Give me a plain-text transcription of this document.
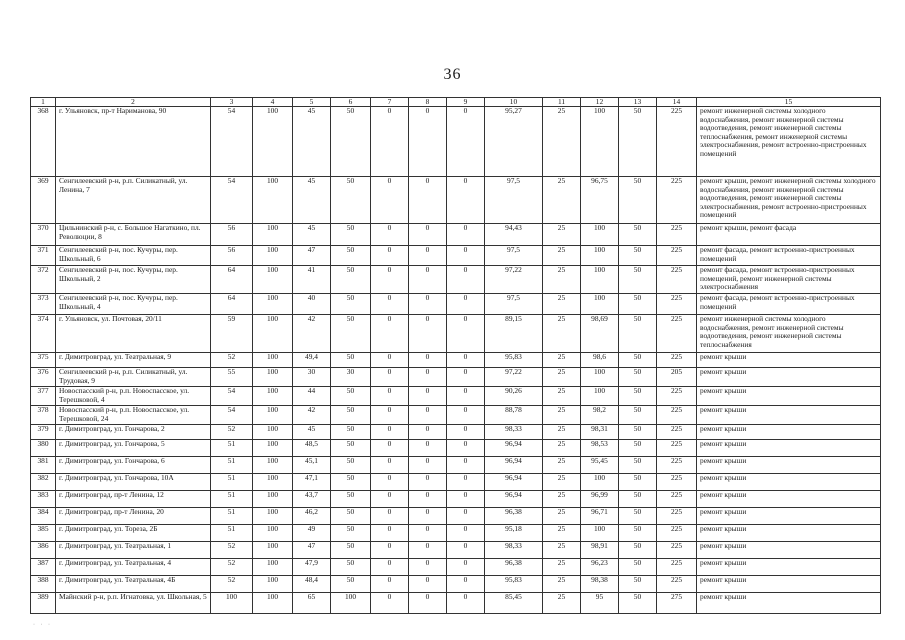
36
1	2	3	4	5	6	7	8	9	10	11	12	13	14	15
368	г. Ульяновск, пр-т Нариманова, 90	54	100	45	50	0	0	0	95,27	25	100	50	225	ремонт инженерной системы холодного водоснабжения, ремонт инженерной системы водоотведения, ремонт инженерной системы теплоснабжения, ремонт инженерной системы электроснабжения, ремонт встроенно-пристроенных помещений
369	Сенгилеевский р-н, р.п. Силикатный, ул. Ленина, 7	54	100	45	50	0	0	0	97,5	25	96,75	50	225	ремонт крыши, ремонт инженерной системы холодного водоснабжения, ремонт инженерной системы водоотведения, ремонт инженерной системы электроснабжения, ремонт встроенно-пристроенных помещений
370	Цильнинский р-н, с. Большое Нагаткино, пл. Революции, 8	56	100	45	50	0	0	0	94,43	25	100	50	225	ремонт крыши, ремонт фасада
371	Сенгилеевский р-н, пос. Кучуры, пер. Школьный, 6	56	100	47	50	0	0	0	97,5	25	100	50	225	ремонт фасада, ремонт встроенно-пристроенных помещений
372	Сенгилеевский р-н, пос. Кучуры, пер. Школьный, 2	64	100	41	50	0	0	0	97,22	25	100	50	225	ремонт фасада, ремонт встроенно-пристроенных помещений, ремонт инженерной системы электроснабжения
373	Сенгилеевский р-н, пос. Кучуры, пер. Школьный, 4	64	100	40	50	0	0	0	97,5	25	100	50	225	ремонт фасада, ремонт встроенно-пристроенных помещений
374	г. Ульяновск, ул. Почтовая, 20/11	59	100	42	50	0	0	0	89,15	25	98,69	50	225	ремонт инженерной системы холодного водоснабжения, ремонт инженерной системы водоотведения, ремонт инженерной системы теплоснабжения
375	г. Димитровград, ул. Театральная, 9	52	100	49,4	50	0	0	0	95,83	25	98,6	50	225	ремонт крыши
376	Сенгилеевский р-н, р.п. Силикатный, ул. Трудовая, 9	55	100	30	30	0	0	0	97,22	25	100	50	205	ремонт крыши
377	Новоспасский р-н, р.п. Новоспасское, ул. Терешковой, 4	54	100	44	50	0	0	0	90,26	25	100	50	225	ремонт крыши
378	Новоспасский р-н, р.п. Новоспасское, ул. Терешковой, 24	54	100	42	50	0	0	0	88,78	25	98,2	50	225	ремонт крыши
379	г. Димитровград, ул. Гончарова, 2	52	100	45	50	0	0	0	98,33	25	98,31	50	225	ремонт крыши
380	г. Димитровград, ул. Гончарова, 5	51	100	48,5	50	0	0	0	96,94	25	98,53	50	225	ремонт крыши
381	г. Димитровград, ул. Гончарова, 6	51	100	45,1	50	0	0	0	96,94	25	95,45	50	225	ремонт крыши
382	г. Димитровград, ул. Гончарова, 10А	51	100	47,1	50	0	0	0	96,94	25	100	50	225	ремонт крыши
383	г. Димитровград, пр-т Ленина, 12	51	100	43,7	50	0	0	0	96,94	25	96,99	50	225	ремонт крыши
384	г. Димитровград, пр-т Ленина, 20	51	100	46,2	50	0	0	0	96,38	25	96,71	50	225	ремонт крыши
385	г. Димитровград, ул. Тореза, 2Б	51	100	49	50	0	0	0	95,18	25	100	50	225	ремонт крыши
386	г. Димитровград, ул. Театральная, 1	52	100	47	50	0	0	0	98,33	25	98,91	50	225	ремонт крыши
387	г. Димитровград, ул. Театральная, 4	52	100	47,9	50	0	0	0	96,38	25	96,23	50	225	ремонт крыши
388	г. Димитровград, ул. Театральная, 4Б	52	100	48,4	50	0	0	0	95,83	25	98,38	50	225	ремонт крыши
389	Майнский р-н, р.п. Игнатовка, ул. Школьная, 5	100	100	65	100	0	0	0	85,45	25	95	50	275	ремонт крыши
· · ·
